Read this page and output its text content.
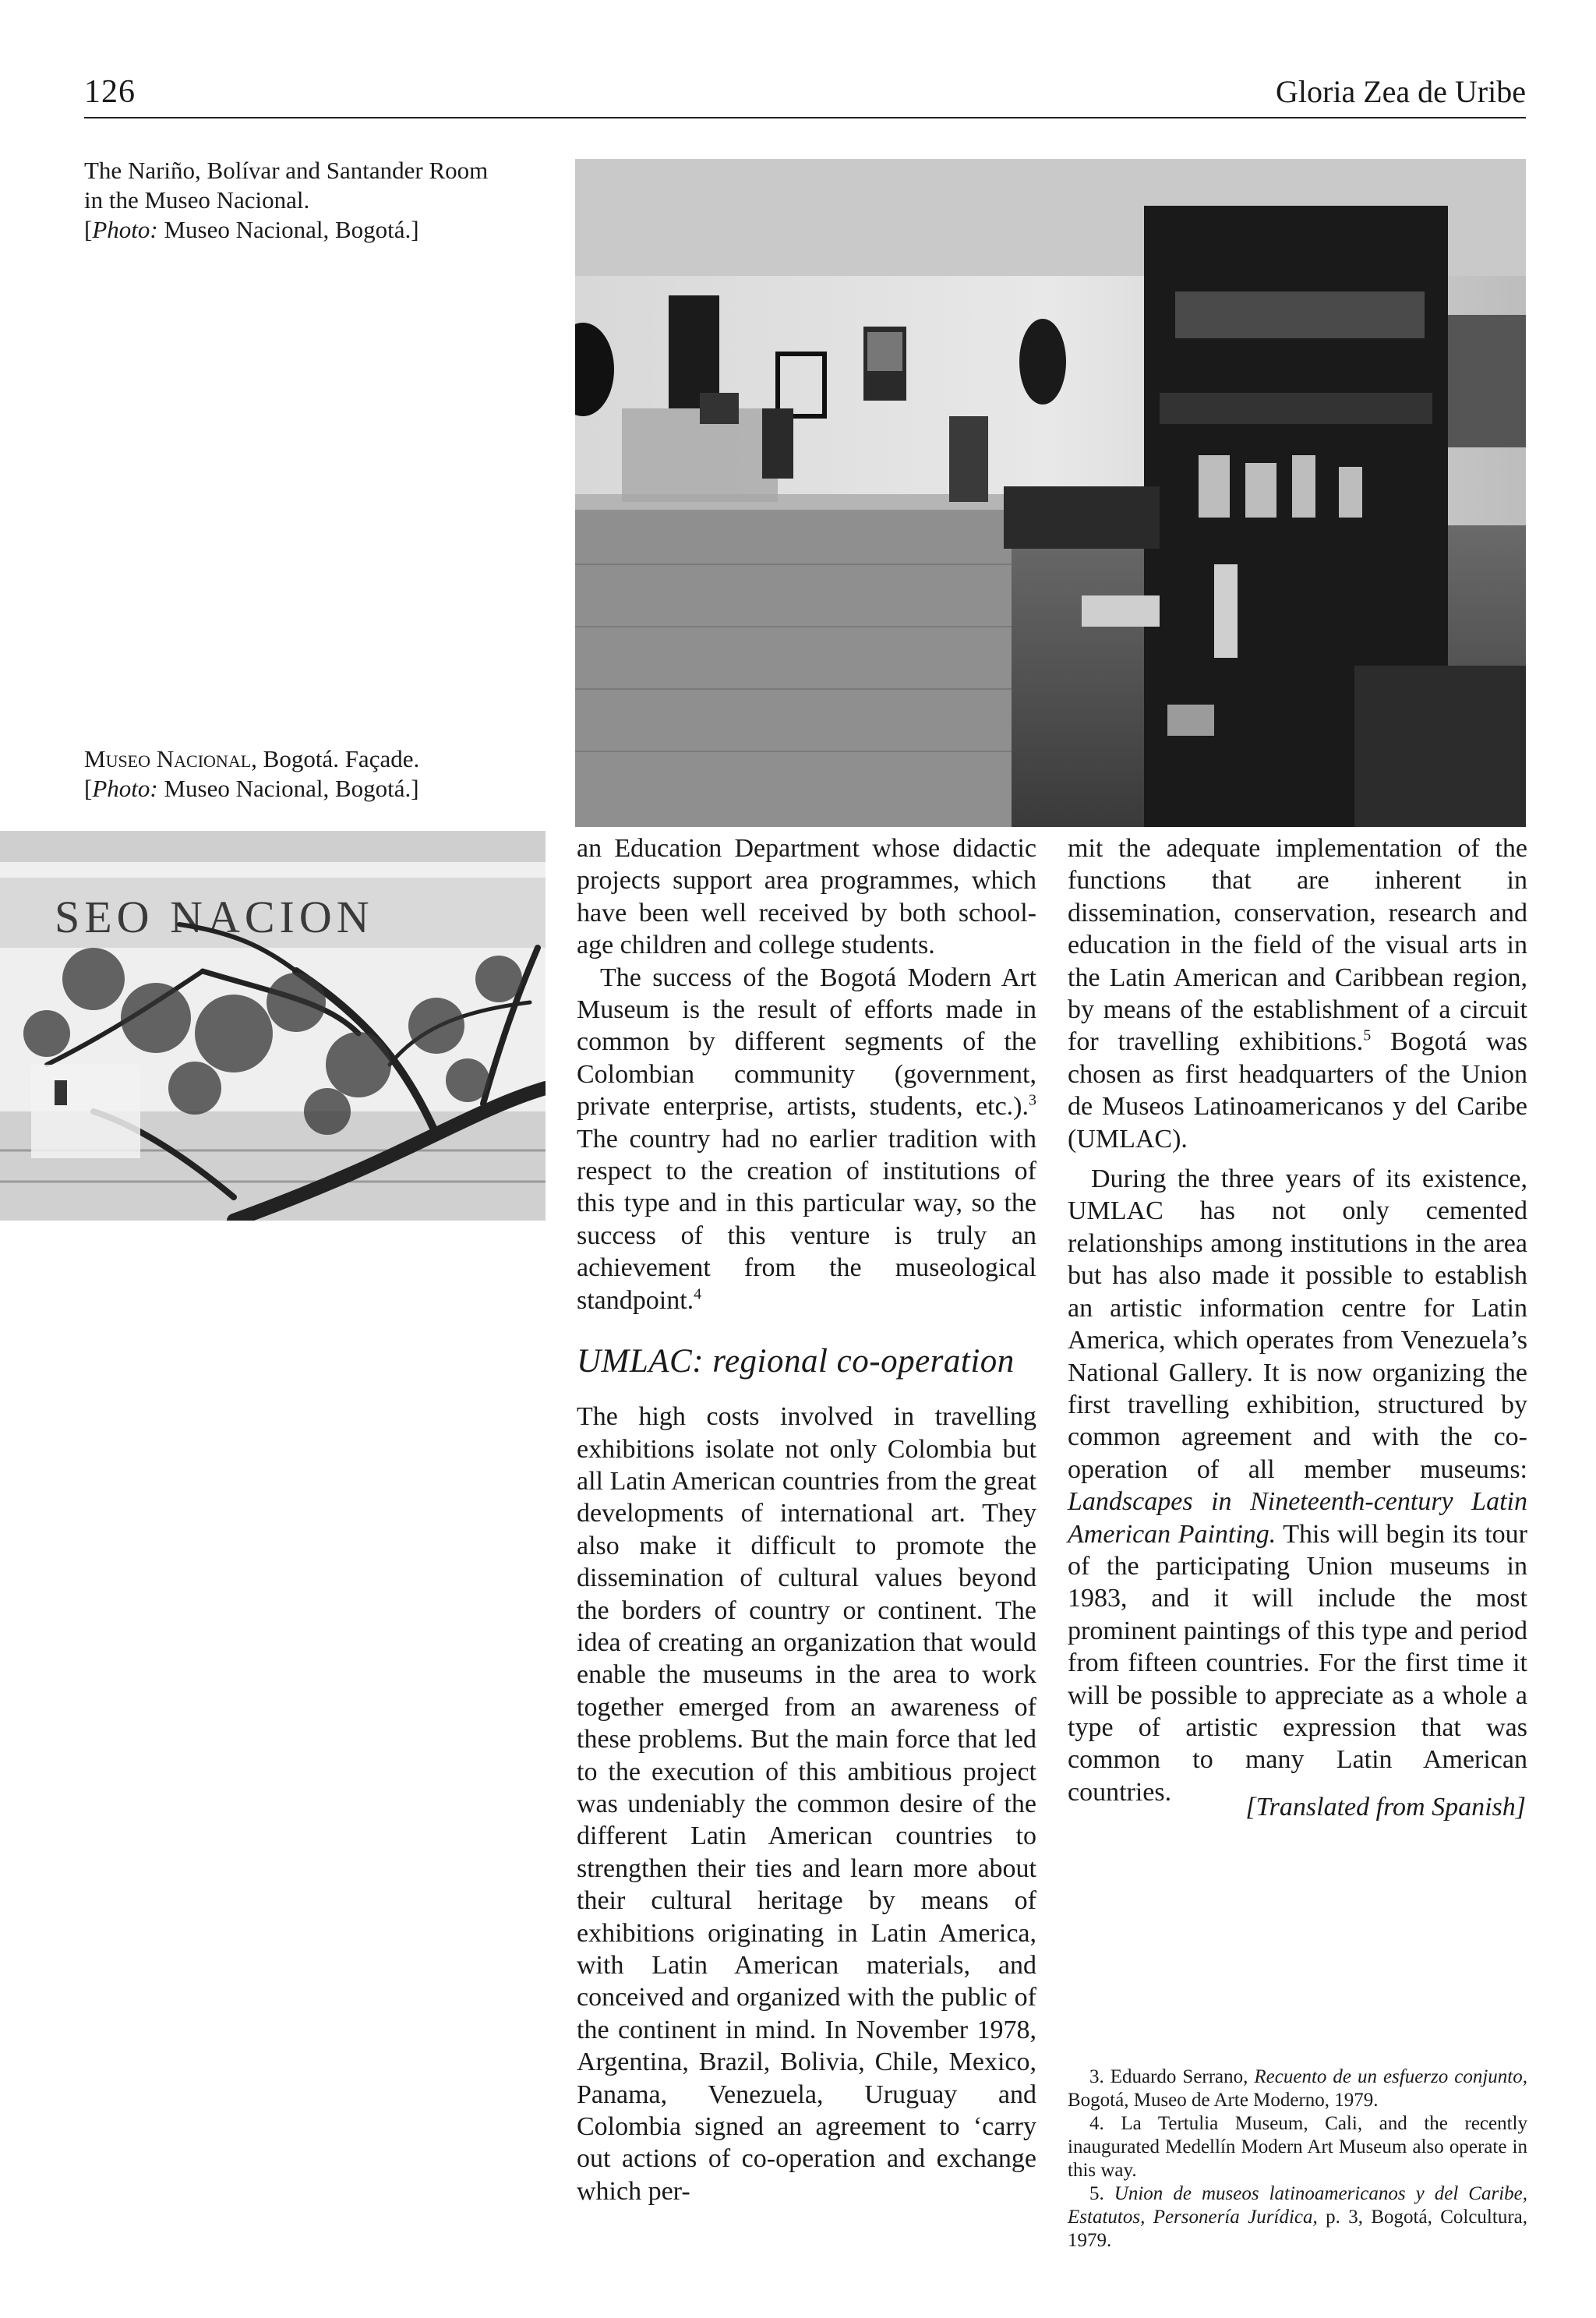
126	Gloria Zea de Uribe
The Nariño, Bolívar and Santander Room
in the Museo Nacional.
[Photo: Museo Nacional, Bogotá.]
Museo Nacional, Bogotá. Façade.
[Photo: Museo Nacional, Bogotá.]
SEO NACION

an Education Department whose didactic projects support area programmes, which have been well received by both school-age children and college students.

The success of the Bogotá Modern Art Museum is the result of efforts made in common by different segments of the Colombian community (government, private enterprise, artists, students, etc.).$^3$ The country had no earlier tradition with respect to the creation of institutions of this type and in this particular way, so the success of this venture is truly an achievement from the museological standpoint.$^4$

UMLAC: regional co-operation

The high costs involved in travelling exhibitions isolate not only Colombia but all Latin American countries from the great developments of international art. They also make it difficult to promote the dissemination of cultural values beyond the borders of country or continent. The idea of creating an organization that would enable the museums in the area to work together emerged from an awareness of these problems. But the main force that led to the execution of this ambitious project was undeniably the common desire of the different Latin American countries to strengthen their ties and learn more about their cultural heritage by means of exhibitions originating in Latin America, with Latin American materials, and conceived and organized with the public of the continent in mind. In November 1978, Argentina, Brazil, Bolivia, Chile, Mexico, Panama, Venezuela, Uruguay and Colombia signed an agreement to ‘carry out actions of co-operation and exchange which per-

mit the adequate implementation of the functions that are inherent in dissemination, conservation, research and education in the field of the visual arts in the Latin American and Caribbean region, by means of the establishment of a circuit for travelling exhibitions.$^5$ Bogotá was chosen as first headquarters of the Union de Museos Latinoamericanos y del Caribe (UMLAC).

During the three years of its existence, UMLAC has not only cemented relationships among institutions in the area but has also made it possible to establish an artistic information centre for Latin America, which operates from Venezuela’s National Gallery. It is now organizing the first travelling exhibition, structured by common agreement and with the co-operation of all member museums: Landscapes in Nineteenth-century Latin American Painting. This will begin its tour of the participating Union museums in 1983, and it will include the most prominent paintings of this type and period from fifteen countries. For the first time it will be possible to appreciate as a whole a type of artistic expression that was common to many Latin American countries.

[Translated from Spanish]

3. Eduardo Serrano, Recuento de un esfuerzo conjunto, Bogotá, Museo de Arte Moderno, 1979.

4. La Tertulia Museum, Cali, and the recently inaugurated Medellín Modern Art Museum also operate in this way.

5. Union de museos latinoamericanos y del Caribe, Estatutos, Personería Jurídica, p. 3, Bogotá, Colcultura, 1979.
